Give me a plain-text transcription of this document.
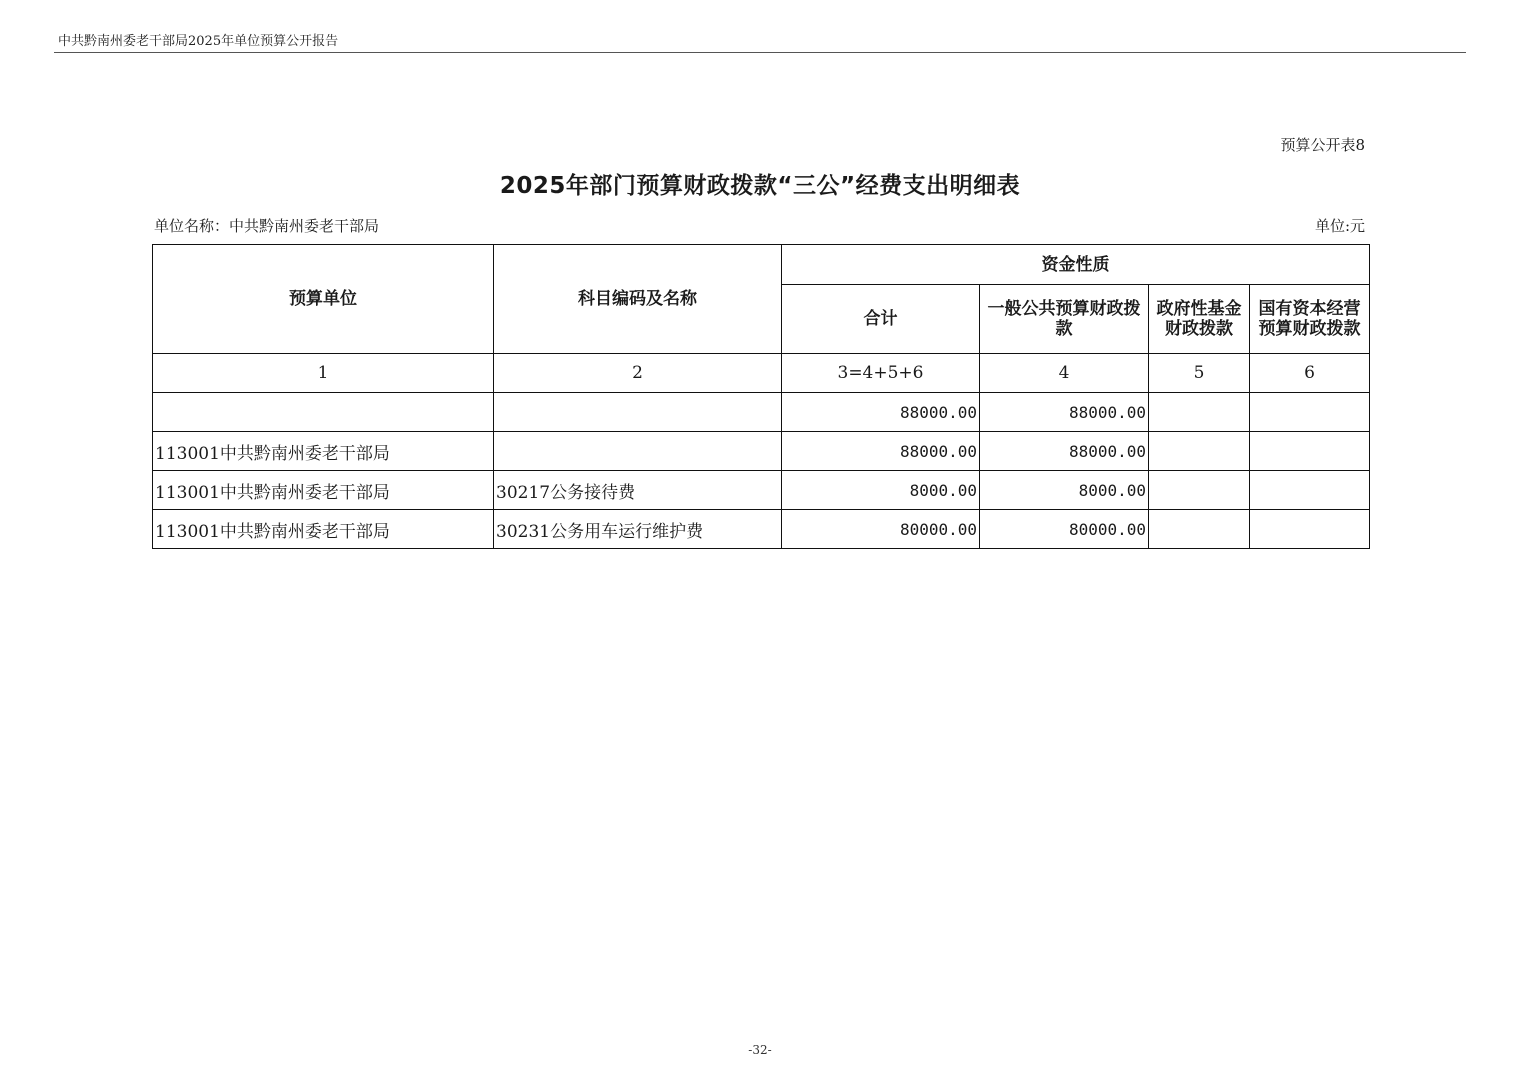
中共黔南州委老干部局2025年单位预算公开报告
预算公开表8
2025年部门预算财政拨款“三公”经费支出明细表
单位名称：中共黔南州委老干部局	单位:元
预算单位	科目编码及名称	资金性质			
		合计	一般公共预算财政拨款	政府性基金财政拨款	国有资本经营预算财政拨款
1	2	3=4+5+6	4	5	6
		88000.00	88000.00		
113001中共黔南州委老干部局		88000.00	88000.00		
113001中共黔南州委老干部局	30217公务接待费	8000.00	8000.00		
113001中共黔南州委老干部局	30231公务用车运行维护费	80000.00	80000.00		
-32-
